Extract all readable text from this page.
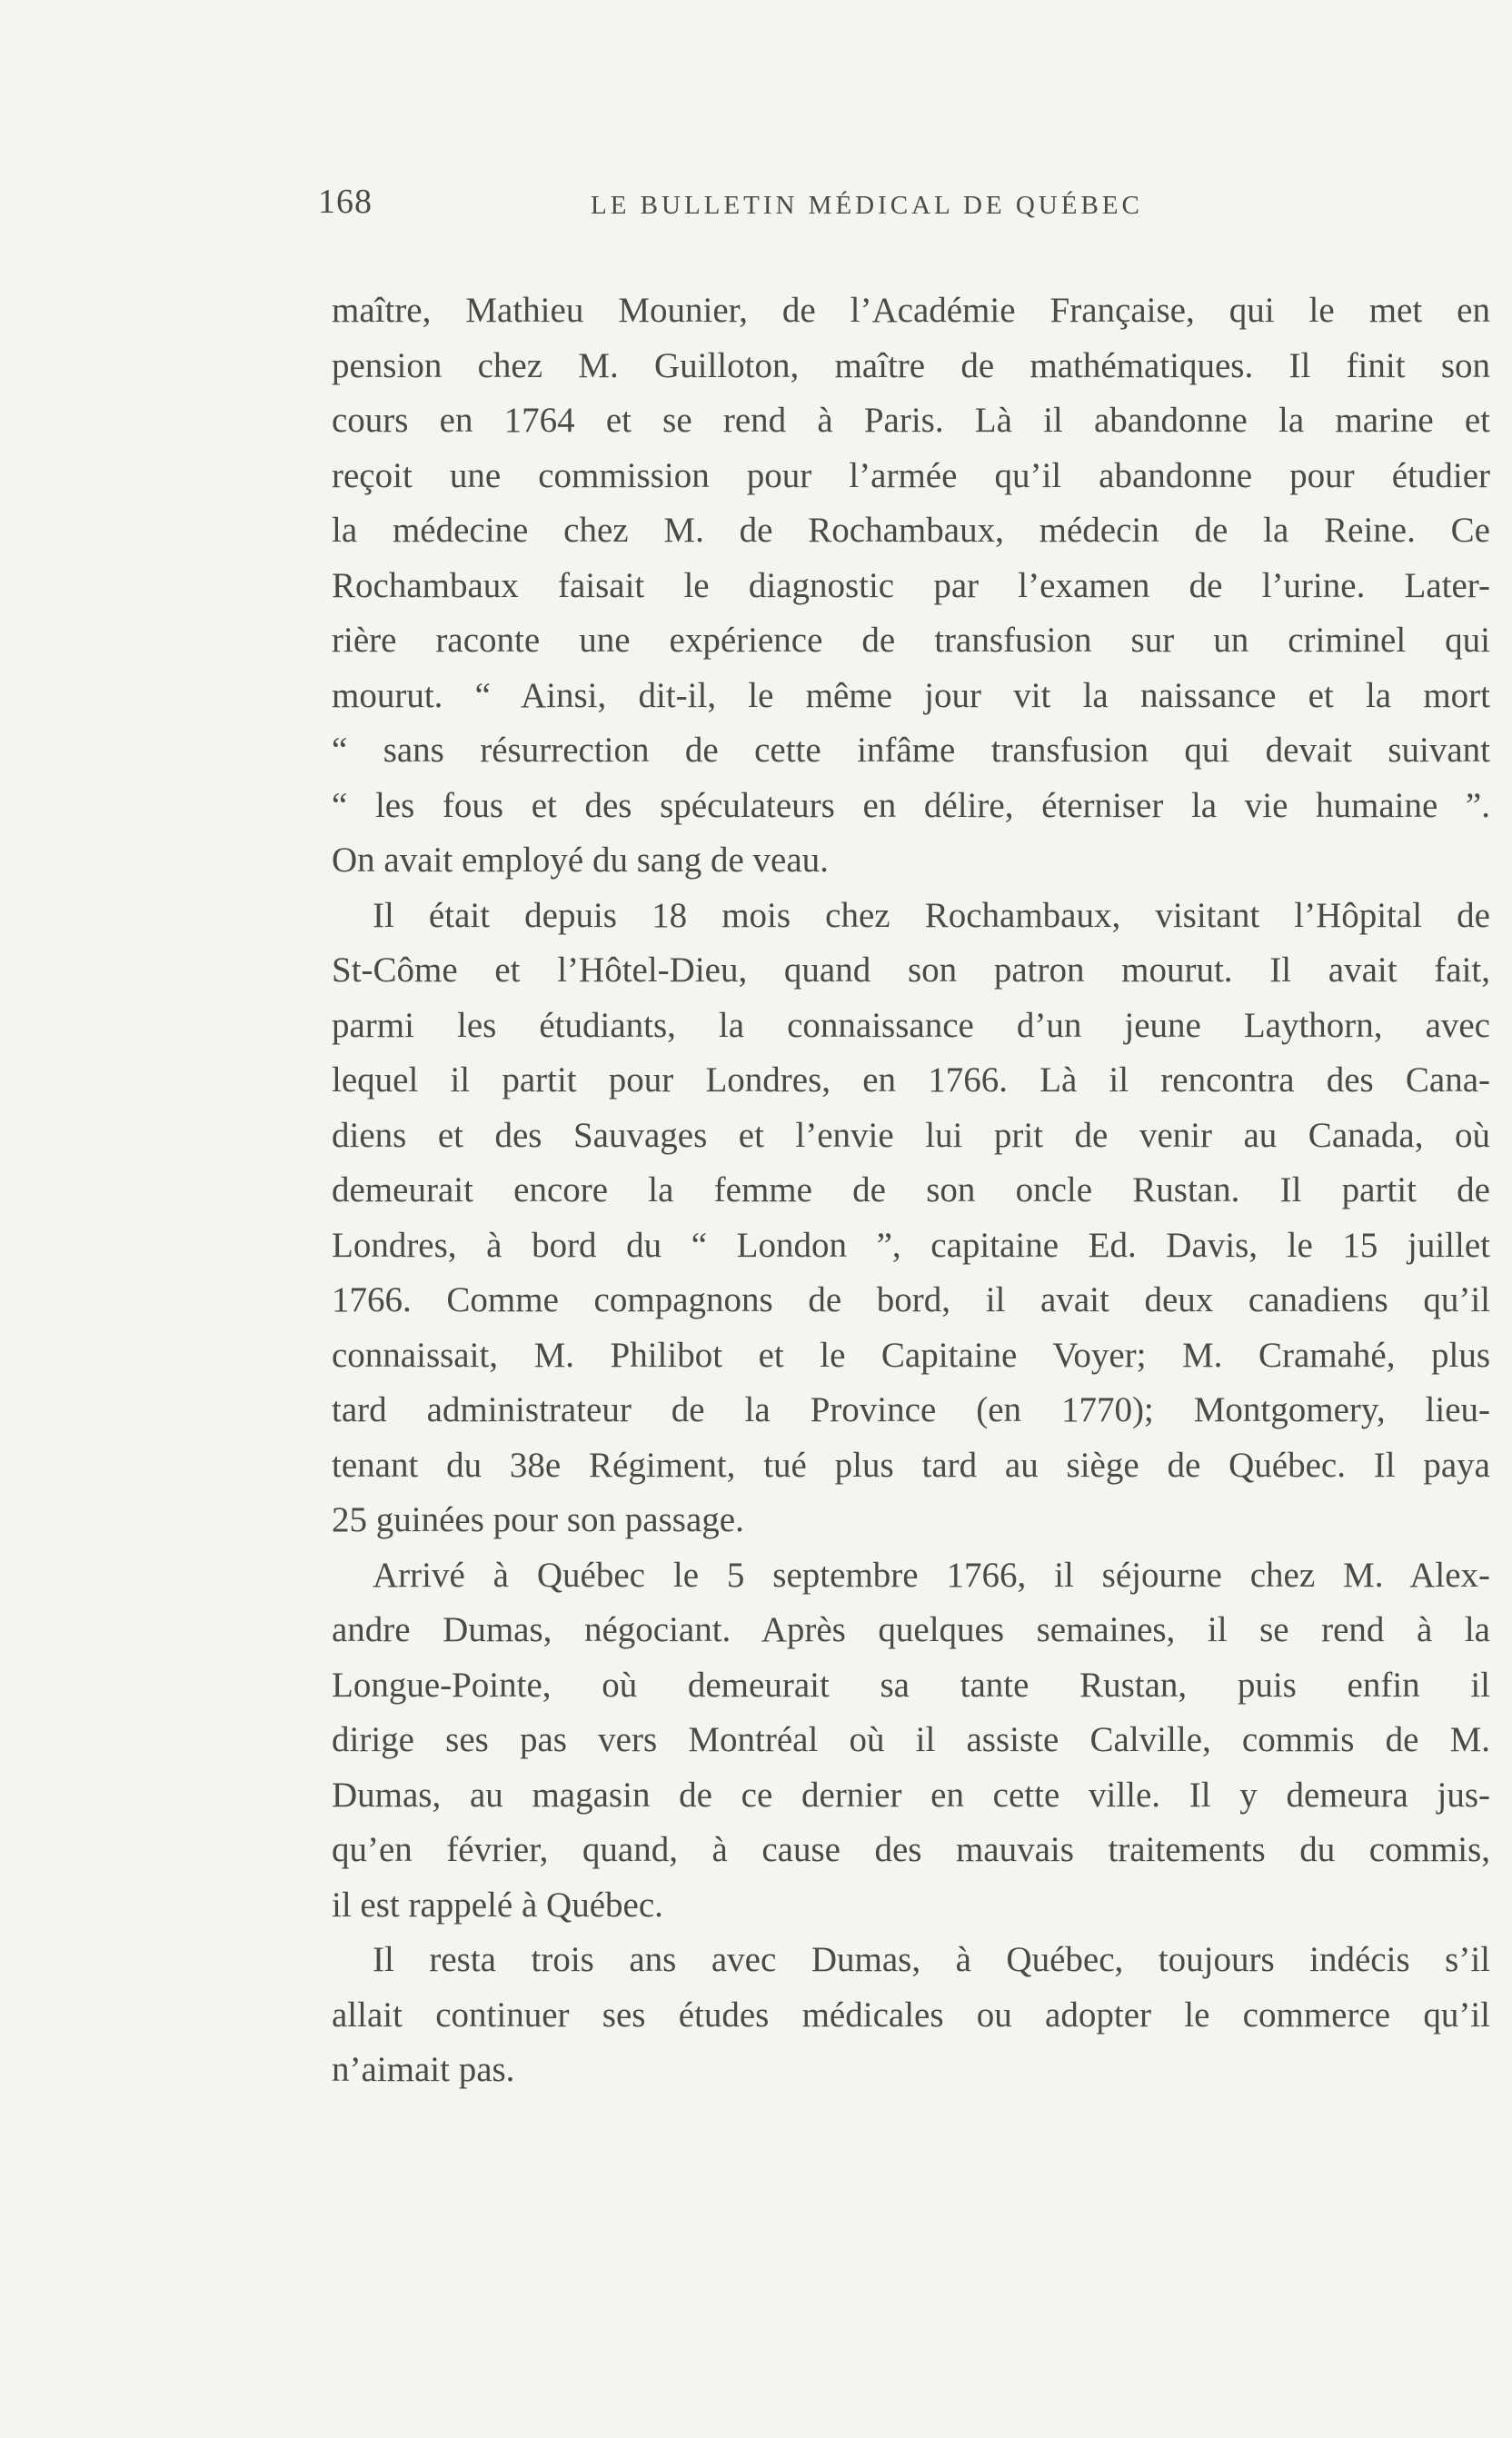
168	LE BULLETIN MÉDICAL DE QUÉBEC
maître, Mathieu Mounier, de l’Académie Française, qui le met en
pension chez M. Guilloton, maître de mathématiques. Il finit son
cours en 1764 et se rend à Paris. Là il abandonne la marine et
reçoit une commission pour l’armée qu’il abandonne pour étudier
la médecine chez M. de Rochambaux, médecin de la Reine. Ce
Rochambaux faisait le diagnostic par l’examen de l’urine. Later-
rière raconte une expérience de transfusion sur un criminel qui
mourut. “ Ainsi, dit-il, le même jour vit la naissance et la mort
“ sans résurrection de cette infâme transfusion qui devait suivant
“ les fous et des spéculateurs en délire, éterniser la vie humaine ”.
On avait employé du sang de veau.
Il était depuis 18 mois chez Rochambaux, visitant l’Hôpital de
St-Côme et l’Hôtel-Dieu, quand son patron mourut. Il avait fait,
parmi les étudiants, la connaissance d’un jeune Laythorn, avec
lequel il partit pour Londres, en 1766. Là il rencontra des Cana-
diens et des Sauvages et l’envie lui prit de venir au Canada, où
demeurait encore la femme de son oncle Rustan. Il partit de
Londres, à bord du “ London ”, capitaine Ed. Davis, le 15 juillet
1766. Comme compagnons de bord, il avait deux canadiens qu’il
connaissait, M. Philibot et le Capitaine Voyer; M. Cramahé, plus
tard administrateur de la Province (en 1770); Montgomery, lieu-
tenant du 38e Régiment, tué plus tard au siège de Québec. Il paya
25 guinées pour son passage.
Arrivé à Québec le 5 septembre 1766, il séjourne chez M. Alex-
andre Dumas, négociant. Après quelques semaines, il se rend à la
Longue-Pointe, où demeurait sa tante Rustan, puis enfin il
dirige ses pas vers Montréal où il assiste Calville, commis de M.
Dumas, au magasin de ce dernier en cette ville. Il y demeura jus-
qu’en février, quand, à cause des mauvais traitements du commis,
il est rappelé à Québec.
Il resta trois ans avec Dumas, à Québec, toujours indécis s’il
allait continuer ses études médicales ou adopter le commerce qu’il
n’aimait pas.
